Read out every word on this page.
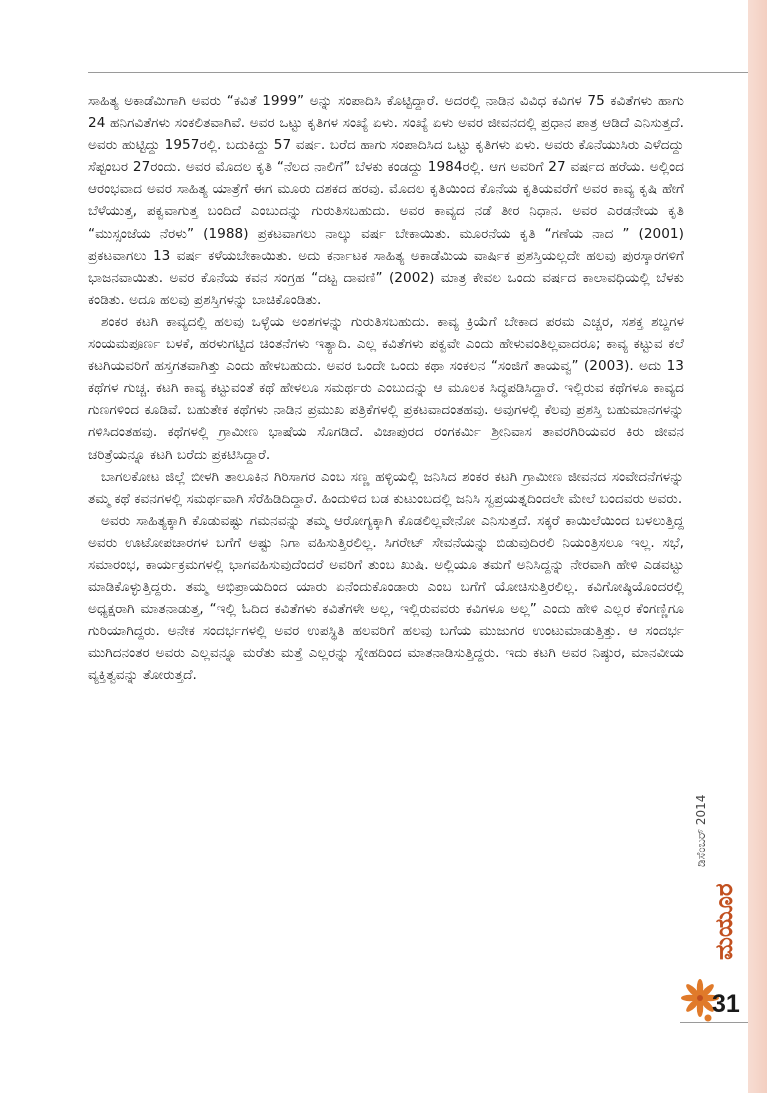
ಸಾಹಿತ್ಯ ಅಕಾಡೆಮಿಗಾಗಿ ಅವರು “ಕವಿತೆ 1999” ಅನ್ನು ಸಂಪಾದಿಸಿ ಕೊಟ್ಟಿದ್ದಾರೆ. ಅದರಲ್ಲಿ ನಾಡಿನ ವಿವಿಧ ಕವಿಗಳ 75 ಕವಿತೆಗಳು ಹಾಗು 24 ಹನಿಗವಿತೆಗಳು ಸಂಕಲಿತವಾಗಿವೆ. ಅವರ ಒಟ್ಟು ಕೃತಿಗಳ ಸಂಖ್ಯೆ ಏಳು. ಸಂಖ್ಯೆ ಏಳು ಅವರ ಜೀವನದಲ್ಲಿ ಪ್ರಧಾನ ಪಾತ್ರ ಆಡಿದೆ ಎನಿಸುತ್ತದೆ. ಅವರು ಹುಟ್ಟಿದ್ದು 1957ರಲ್ಲಿ. ಬದುಕಿದ್ದು 57 ವರ್ಷ. ಬರೆದ ಹಾಗು ಸಂಪಾದಿಸಿದ ಒಟ್ಟು ಕೃತಿಗಳು ಏಳು. ಅವರು ಕೊನೆಯುಸಿರು ಎಳೆದದ್ದು ಸೆಪ್ಟಂಬರ 27ರಂದು. ಅವರ ಮೊದಲ ಕೃತಿ “ನೆಲದ ನಾಲಿಗೆ” ಬೆಳಕು ಕಂಡದ್ದು 1984ರಲ್ಲಿ. ಆಗ ಅವರಿಗೆ 27 ವರ್ಷದ ಹರೆಯ. ಅಲ್ಲಿಂದ ಆರಂಭವಾದ ಅವರ ಸಾಹಿತ್ಯ ಯಾತ್ರೆಗೆ ಈಗ ಮೂರು ದಶಕದ ಹರವು. ಮೊದಲ ಕೃತಿಯಿಂದ ಕೊನೆಯ ಕೃತಿಯವರೆಗೆ ಅವರ ಕಾವ್ಯ ಕೃಷಿ ಹೇಗೆ ಬೆಳೆಯುತ್ತ, ಪಕ್ವವಾಗುತ್ತ ಬಂದಿದೆ ಎಂಬುದನ್ನು ಗುರುತಿಸಬಹುದು. ಅವರ ಕಾವ್ಯದ ನಡೆ ತೀರ ನಿಧಾನ. ಅವರ ಎರಡನೇಯ ಕೃತಿ “ಮುಸ್ಸಂಜೆಯ ನೆರಳು” (1988) ಪ್ರಕಟವಾಗಲು ನಾಲ್ಕು ವರ್ಷ ಬೇಕಾಯಿತು. ಮೂರನೆಯ ಕೃತಿ “ಗಣೆಯ ನಾದ ” (2001) ಪ್ರಕಟವಾಗಲು 13 ವರ್ಷ ಕಳೆಯಬೇಕಾಯಿತು. ಅದು ಕರ್ನಾಟಕ ಸಾಹಿತ್ಯ ಅಕಾಡೆಮಿಯ ವಾರ್ಷಿಕ ಪ್ರಶಸ್ತಿಯಲ್ಲದೇ ಹಲವು ಪುರಸ್ಕಾರಗಳಿಗೆ ಭಾಜನವಾಯಿತು. ಅವರ ಕೊನೆಯ ಕವನ ಸಂಗ್ರಹ “ದಟ್ಟ ದಾವಣಿ” (2002) ಮಾತ್ರ ಕೇವಲ ಒಂದು ವರ್ಷದ ಕಾಲಾವಧಿಯಲ್ಲಿ ಬೆಳಕು ಕಂಡಿತು. ಅದೂ ಹಲವು ಪ್ರಶಸ್ತಿಗಳನ್ನು ಬಾಚಿಕೊಂಡಿತು.

ಶಂಕರ ಕಟಗಿ ಕಾವ್ಯದಲ್ಲಿ ಹಲವು ಒಳ್ಳೆಯ ಅಂಶಗಳನ್ನು ಗುರುತಿಸಬಹುದು. ಕಾವ್ಯ ಕ್ರಿಯೆಗೆ ಬೇಕಾದ ಪರಮ ಎಚ್ಚರ, ಸಶಕ್ತ ಶಬ್ದಗಳ ಸಂಯಮಪೂರ್ಣ ಬಳಕೆ, ಹರಳುಗಟ್ಟಿದ ಚಿಂತನೆಗಳು ಇತ್ಯಾದಿ. ಎಲ್ಲ ಕವಿತೆಗಳು ಪಕ್ವವೇ ಎಂದು ಹೇಳುವಂತಿಲ್ಲವಾದರೂ; ಕಾವ್ಯ ಕಟ್ಟುವ ಕಲೆ ಕಟಗಿಯವರಿಗೆ ಹಸ್ತಗತವಾಗಿತ್ತು ಎಂದು ಹೇಳಬಹುದು. ಅವರ ಒಂದೇ ಒಂದು ಕಥಾ ಸಂಕಲನ “ಸಂಜಿಗೆ ತಾಯವ್ವ” (2003). ಅದು 13 ಕಥೆಗಳ ಗುಚ್ಚ. ಕಟಗಿ ಕಾವ್ಯ ಕಟ್ಟುವಂತೆ ಕಥೆ ಹೇಳಲೂ ಸಮರ್ಥರು ಎಂಬುದನ್ನು ಆ ಮೂಲಕ ಸಿದ್ಧಪಡಿಸಿದ್ದಾರೆ. ಇಲ್ಲಿರುವ ಕಥೆಗಳೂ ಕಾವ್ಯದ ಗುಣಗಳಿಂದ ಕೂಡಿವೆ. ಬಹುತೇಕ ಕಥೆಗಳು ನಾಡಿನ ಪ್ರಮುಖ ಪತ್ರಿಕೆಗಳಲ್ಲಿ ಪ್ರಕಟವಾದಂತಹವು. ಅವುಗಳಲ್ಲಿ ಕೆಲವು ಪ್ರಶಸ್ತಿ ಬಹುಮಾನಗಳನ್ನು ಗಳಿಸಿದಂತಹವು. ಕಥೆಗಳಲ್ಲಿ ಗ್ರಾಮೀಣ ಭಾಷೆಯ ಸೊಗಡಿದೆ. ವಿಜಾಪುರದ ರಂಗಕರ್ಮಿ ಶ್ರೀನಿವಾಸ ತಾವರಗಿರಿಯವರ ಕಿರು ಜೀವನ ಚರಿತ್ರೆಯನ್ನೂ ಕಟಗಿ ಬರೆದು ಪ್ರಕಟಿಸಿದ್ದಾರೆ.

ಬಾಗಲಕೋಟ ಜಿಲ್ಲೆ ಬೀಳಗಿ ತಾಲೂಕಿನ ಗಿರಿಸಾಗರ ಎಂಬ ಸಣ್ಣ ಹಳ್ಳಿಯಲ್ಲಿ ಜನಿಸಿದ ಶಂಕರ ಕಟಗಿ ಗ್ರಾಮೀಣ ಜೀವನದ ಸಂವೇದನೆಗಳನ್ನು ತಮ್ಮ ಕಥೆ ಕವನಗಳಲ್ಲಿ ಸಮರ್ಥವಾಗಿ ಸೆರೆಹಿಡಿದಿದ್ದಾರೆ. ಹಿಂದುಳಿದ ಬಡ ಕುಟುಂಬದಲ್ಲಿ ಜನಿಸಿ ಸ್ವಪ್ರಯತ್ನದಿಂದಲೇ ಮೇಲೆ ಬಂದವರು ಅವರು.

ಅವರು ಸಾಹಿತ್ಯಕ್ಕಾಗಿ ಕೊಡುವಷ್ಟು ಗಮನವನ್ನು ತಮ್ಮ ಆರೋಗ್ಯಕ್ಕಾಗಿ ಕೊಡಲಿಲ್ಲವೇನೋ ಎನಿಸುತ್ತದೆ. ಸಕ್ಕರೆ ಕಾಯಿಲೆಯಿಂದ ಬಳಲುತ್ತಿದ್ದ ಅವರು ಊಟೋಪಚಾರಗಳ ಬಗೆಗೆ ಅಷ್ಟು ನಿಗಾ ವಹಿಸುತ್ತಿರಲಿಲ್ಲ. ಸಿಗರೇಟ್ ಸೇವನೆಯನ್ನು ಬಿಡುವುದಿರಲಿ ನಿಯಂತ್ರಿಸಲೂ ಇಲ್ಲ. ಸಭೆ, ಸಮಾರಂಭ, ಕಾರ್ಯಕ್ರಮಗಳಲ್ಲಿ ಭಾಗವಹಿಸುವುದೆಂದರೆ ಅವರಿಗೆ ತುಂಬ ಖುಷಿ. ಅಲ್ಲಿಯೂ ತಮಗೆ ಅನಿಸಿದ್ದನ್ನು ನೇರವಾಗಿ ಹೇಳಿ ಎಡವಟ್ಟು ಮಾಡಿಕೊಳ್ಳುತ್ತಿದ್ದರು. ತಮ್ಮ ಅಭಿಪ್ರಾಯದಿಂದ ಯಾರು ಏನೆಂದುಕೊಂಡಾರು ಎಂಬ ಬಗೆಗೆ ಯೋಚಿಸುತ್ತಿರಲಿಲ್ಲ. ಕವಿಗೋಷ್ಠಿಯೊಂದರಲ್ಲಿ ಅಧ್ಯಕ್ಷರಾಗಿ ಮಾತನಾಡುತ್ತ, “ಇಲ್ಲಿ ಓದಿದ ಕವಿತೆಗಳು ಕವಿತೆಗಳೇ ಅಲ್ಲ, ಇಲ್ಲಿರುವವರು ಕವಿಗಳೂ ಅಲ್ಲ” ಎಂದು ಹೇಳಿ ಎಲ್ಲರ ಕೆಂಗಣ್ಣಿಗೂ ಗುರಿಯಾಗಿದ್ದರು. ಅನೇಕ ಸಂದರ್ಭಗಳಲ್ಲಿ ಅವರ ಉಪಸ್ಥಿತಿ ಹಲವರಿಗೆ ಹಲವು ಬಗೆಯ ಮುಜುಗರ ಉಂಟುಮಾಡುತ್ತಿತ್ತು. ಆ ಸಂದರ್ಭ ಮುಗಿದನಂತರ ಅವರು ಎಲ್ಲವನ್ನೂ ಮರೆತು ಮತ್ತೆ ಎಲ್ಲರನ್ನು ಸ್ನೇಹದಿಂದ ಮಾತನಾಡಿಸುತ್ತಿದ್ದರು. ಇದು ಕಟಗಿ ಅವರ ನಿಷ್ಠುರ, ಮಾನವೀಯ ವ್ಯಕ್ತಿತ್ವವನ್ನು ತೋರುತ್ತದೆ.

ಡಿಸೆಂಬರ್ 2014
ಮಯೂರ
31
